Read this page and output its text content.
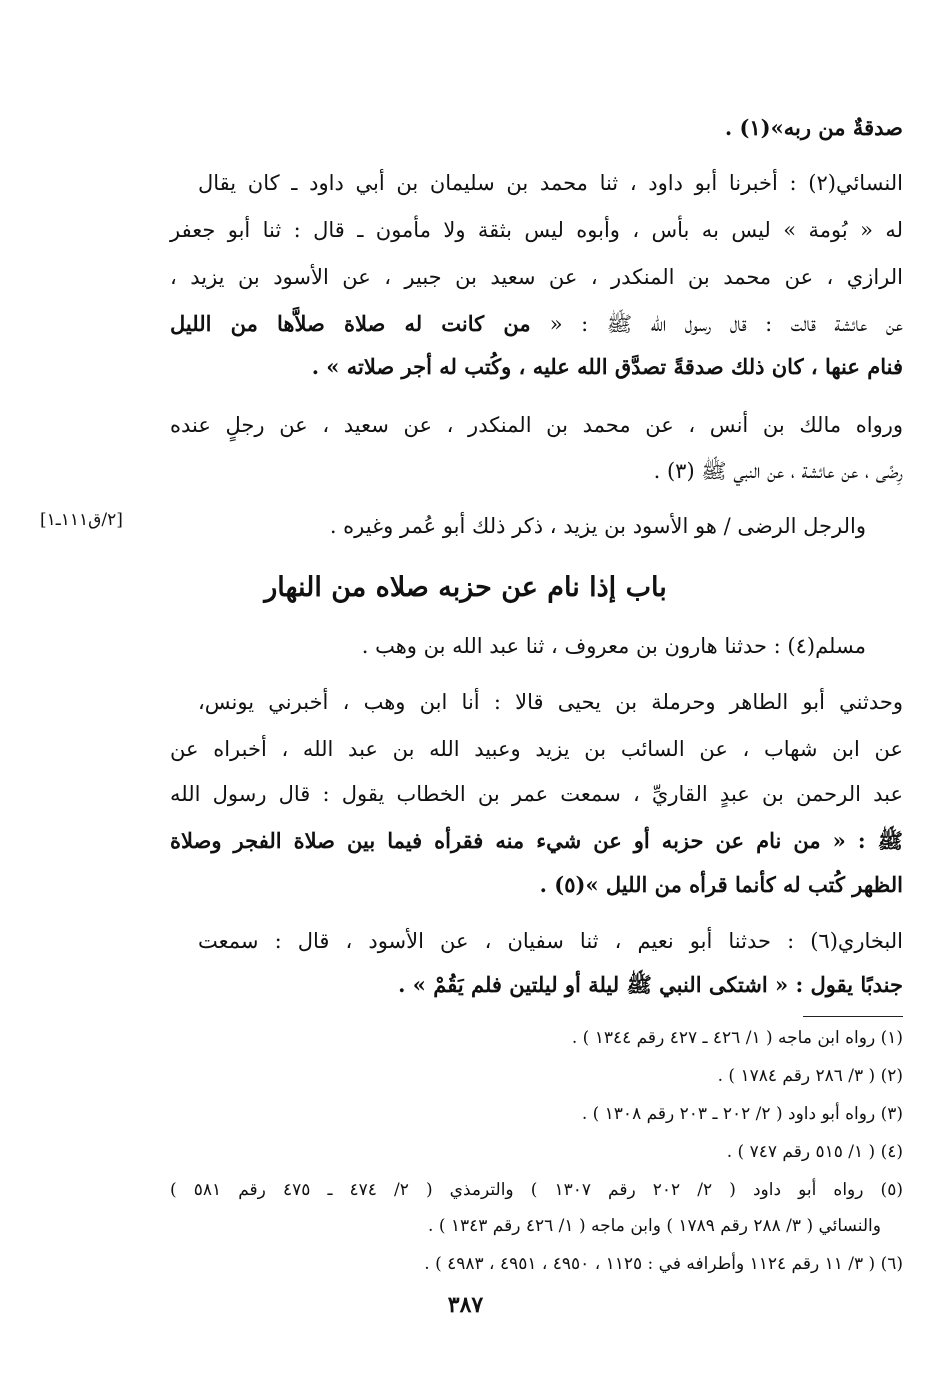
صدقةٌ من ربه»(١) .
النسائي(٢) : أخبرنا أبو داود ، ثنا محمد بن سليمان بن أبي داود ـ كان يقال
له « بُومة » ليس به بأس ، وأبوه ليس بثقة ولا مأمون ـ قال : ثنا أبو جعفر
الرازي ، عن محمد بن المنكدر ، عن سعيد بن جبير ، عن الأسود بن يزيد ،
عن عائشة قالت : قال رسول الله ﷺ : « من كانت له صلاة صلاَّها من الليل
فنام عنها ، كان ذلك صدقةً تصدَّق الله عليه ، وكُتب له أجر صلاته » .
ورواه مالك بن أنس ، عن محمد بن المنكدر ، عن سعيد ، عن رجلٍ عنده
رِضًى ، عن عائشة ، عن النبي ﷺ (٣) .
والرجل الرضى / هو الأسود بن يزيد ، ذكر ذلك أبو عُمر وغيره .
[٢/ق١١١ـ١]
باب إذا نام عن حزبه صلاه من النهار
مسلم(٤) : حدثنا هارون بن معروف ، ثنا عبد الله بن وهب .
وحدثني أبو الطاهر وحرملة بن يحيى قالا : أنا ابن وهب ، أخبرني يونس،
عن ابن شهاب ، عن السائب بن يزيد وعبيد الله بن عبد الله ، أخبراه عن
عبد الرحمن بن عبدٍ القاريِّ ، سمعت عمر بن الخطاب يقول : قال رسول الله
ﷺ : « من نام عن حزبه أو عن شيء منه فقرأه فيما بين صلاة الفجر وصلاة
الظهر كُتب له كأنما قرأه من الليل »(٥) .
البخاري(٦) : حدثنا أبو نعيم ، ثنا سفيان ، عن الأسود ، قال : سمعت
جندبًا يقول : « اشتكى النبي ﷺ ليلة أو ليلتين فلم يَقُمْ » .
(١) رواه ابن ماجه ( ١/ ٤٢٦ ـ ٤٢٧ رقم ١٣٤٤ ) .
(٢) ( ٣/ ٢٨٦ رقم ١٧٨٤ ) .
(٣) رواه أبو داود ( ٢/ ٢٠٢ ـ ٢٠٣ رقم ١٣٠٨ ) .
(٤) ( ١/ ٥١٥ رقم ٧٤٧ ) .
(٥) رواه أبو داود ( ٢/ ٢٠٢ رقم ١٣٠٧ ) والترمذي ( ٢/ ٤٧٤ ـ ٤٧٥ رقم ٥٨١ )
والنسائي ( ٣/ ٢٨٨ رقم ١٧٨٩ ) وابن ماجه ( ١/ ٤٢٦ رقم ١٣٤٣ ) .
(٦) ( ٣/ ١١ رقم ١١٢٤ وأطرافه في : ١١٢٥ ، ٤٩٥٠ ، ٤٩٥١ ، ٤٩٨٣ ) .
٣٨٧
